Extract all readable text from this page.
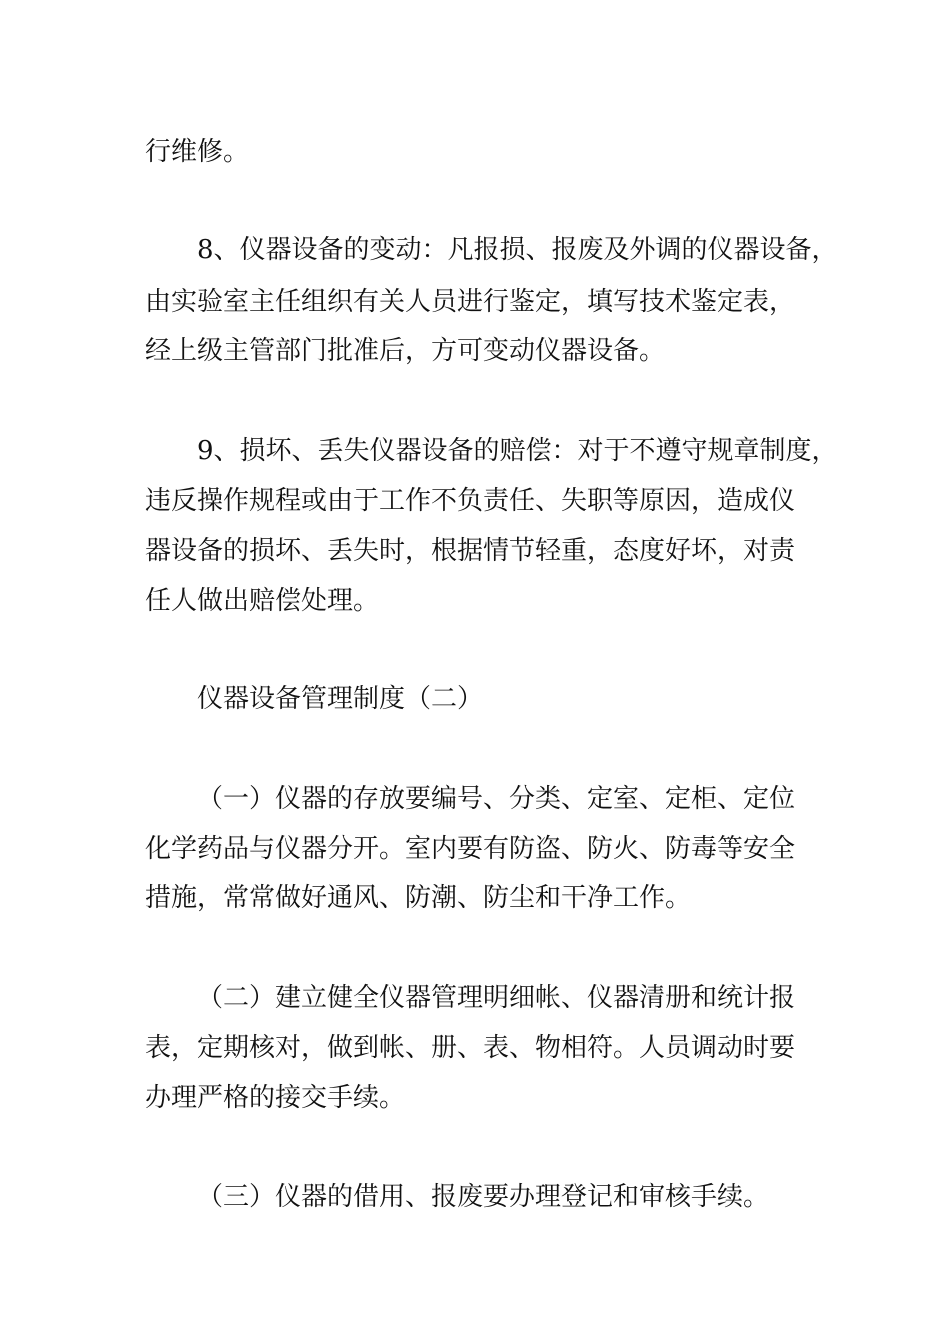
行维修。
8、仪器设备的变动：凡报损、报废及外调的仪器设备，
由实验室主任组织有关人员进行鉴定，填写技术鉴定表，
经上级主管部门批准后，方可变动仪器设备。
9、损坏、丢失仪器设备的赔偿：对于不遵守规章制度，
违反操作规程或由于工作不负责任、失职等原因，造成仪
器设备的损坏、丢失时，根据情节轻重，态度好坏，对责
任人做出赔偿处理。
仪器设备管理制度（二）
（一）仪器的存放要编号、分类、定室、定柜、定位
化学药品与仪器分开。室内要有防盗、防火、防毒等安全
措施，常常做好通风、防潮、防尘和干净工作。
（二）建立健全仪器管理明细帐、仪器清册和统计报
表，定期核对，做到帐、册、表、物相符。人员调动时要
办理严格的接交手续。
（三）仪器的借用、报废要办理登记和审核手续。
